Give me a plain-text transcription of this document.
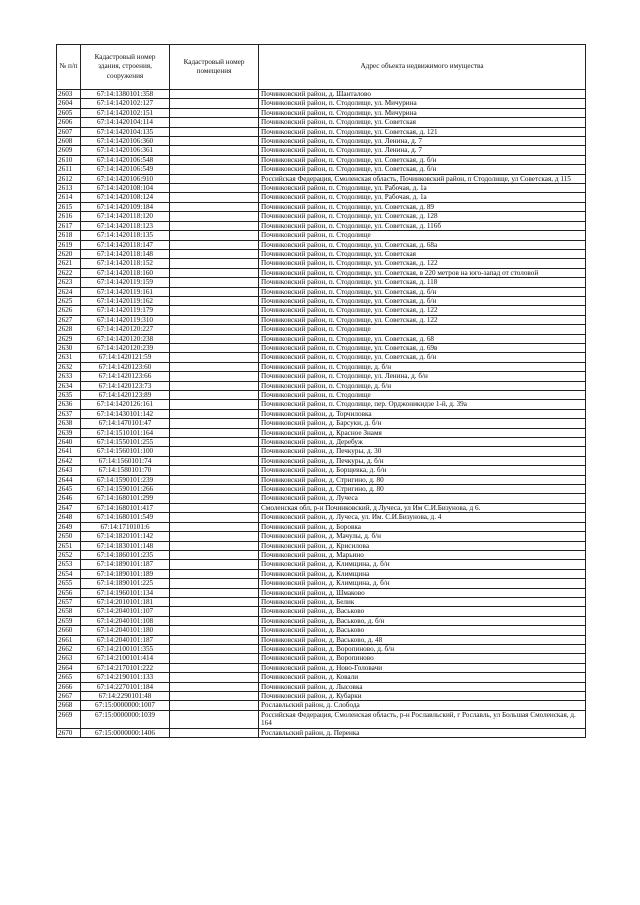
№ п/п	Кадастровый номер здания, строения, сооружения	Кадастровый номер помещения	Адрес объекта недвижимого имущества
2603	67:14:1380101:358		Починковский район, д. Шанталово
2604	67:14:1420102:127		Починковский район, п. Стодолище, ул. Мичурина
2605	67:14:1420102:151		Починковский район, п. Стодолище, ул. Мичурина
2606	67:14:1420104:114		Починковский район, п. Стодолище, ул. Советская
2607	67:14:1420104:135		Починковский район, п. Стодолище, ул. Советская, д. 121
2608	67:14:1420106:360		Починковский район, п. Стодолище, ул. Ленина, д. 7
2609	67:14:1420106:361		Починковский район, п. Стодолище, ул. Ленина, д. 7
2610	67:14:1420106:548		Починковский район, п. Стодолище, ул. Советская, д. б/н
2611	67:14:1420106:549		Починковский район, п. Стодолище, ул. Советская, д. б/н
2612	67:14:1420106:910		Российская Федерация, Смоленская область, Починковский район, п Стодолище, ул Советская, д 115
2613	67:14:1420108:104		Починковский район, п. Стодолище, ул. Рабочая, д. 1а
2614	67:14:1420108:124		Починковский район, п. Стодолище, ул. Рабочая, д. 1а
2615	67:14:1420109:184		Починковский район, п. Стодолище, ул. Советская, д. 89
2616	67:14:1420118:120		Починковский район, п. Стодолище, ул. Советская, д. 128
2617	67:14:1420118:123		Починковский район, п. Стодолище, ул. Советская, д. 116б
2618	67:14:1420118:135		Починковский район, п. Стодолище
2619	67:14:1420118:147		Починковский район, п. Стодолище, ул. Советская, д. 68а
2620	67:14:1420118:148		Починковский район, п. Стодолище, ул. Советская
2621	67:14:1420118:152		Починковский район, п. Стодолище, ул. Советская, д. 122
2622	67:14:1420118:160		Починковский район, п. Стодолище, ул. Советская, в 220 метров на юго-запад от столовой
2623	67:14:1420119:159		Починковский район, п. Стодолище, ул. Советская, д. 118
2624	67:14:1420119:161		Починковский район, п. Стодолище, ул. Советская, д. б/н
2625	67:14:1420119:162		Починковский район, п. Стодолище, ул. Советская, д. б/н
2626	67:14:1420119:179		Починковский район, п. Стодолище, ул. Советская, д. 122
2627	67:14:1420119:310		Починковский район, п. Стодолище, ул. Советская, д. 122
2628	67:14:1420120:227		Починковский район, п. Стодолище
2629	67:14:1420120:238		Починковский район, п. Стодолище, ул. Советская, д. 68
2630	67:14:1420120:239		Починковский район, п. Стодолище, ул. Советская, д. 69в
2631	67:14:1420121:59		Починковский район, п. Стодолище, ул. Советская, д. б/н
2632	67:14:1420123:60		Починковский район, п. Стодолище, д. б/н
2633	67:14:1420123:66		Починковский район, п. Стодолище, ул. Ленина, д. б/н
2634	67:14:1420123:73		Починковский район, п. Стодолище, д. б/н
2635	67:14:1420123:89		Починковский район, п. Стодолище
2636	67:14:1420126:161		Починковский район, п. Стодолище, пер. Орджоникидзе 1-й, д. 39а
2637	67:14:1430101:142		Починковский район, д. Торчиловка
2638	67:14:1470101:47		Починковский район, д. Барсуки, д. б/н
2639	67:14:1510101:164		Починковский район, д. Красное Знамя
2640	67:14:1550101:255		Починковский район, д. Деребуж
2641	67:14:1560101:100		Починковский район, д. Печкуры, д. 30
2642	67:14:1560101:74		Починковский район, д. Печкуры, д. б/н
2643	67:14:1580101:70		Починковский район, д. Борщевка, д. б/н
2644	67:14:1590101:239		Починковский район, д. Стригино, д. 80
2645	67:14:1590101:266		Починковский район, д. Стригино, д. 80
2646	67:14:1680101:299		Починковский район, д. Лучеса
2647	67:14:1680101:417		Смоленская обл, р-н Починковский, д Лучеса, ул Им С.И.Бизунова, д 6.
2648	67:14:1680101:549		Починковский район, д. Лучеса, ул. Им. С.И.Бизунова, д. 4
2649	67:14:1710101:6		Починковский район, д. Боровка
2650	67:14:1820101:142		Починковский район, д. Мачулы, д. б/н
2651	67:14:1830101:148		Починковский район, д. Крисилова
2652	67:14:1860101:235		Починковский район, д. Марьино
2653	67:14:1890101:187		Починковский район, д. Климщина, д. б/н
2654	67:14:1890101:189		Починковский район, д. Климщина
2655	67:14:1890101:225		Починковский район, д. Климщина, д. б/н
2656	67:14:1960101:134		Починковский район, д. Шмаково
2657	67:14:2010101:181		Починковский район, д. Белик
2658	67:14:2040101:107		Починковский район, д. Васьково
2659	67:14:2040101:108		Починковский район, д. Васьково, д. б/н
2660	67:14:2040101:180		Починковский район, д. Васьково
2661	67:14:2040101:187		Починковский район, д. Васьково, д. 48
2662	67:14:2100101:355		Починковский район, д. Воропиново, д. б/н
2663	67:14:2100101:414		Починковский район, д. Воропиново
2664	67:14:2170101:222		Починковский район, д. Ново-Головачи
2665	67:14:2190101:133		Починковский район, д. Ковали
2666	67:14:2270101:184		Починковский район, д. Лысовка
2667	67:14:2290101:48		Починковский район, д. Кубарки
2668	67:15:0000000:1007		Рославльский район, д. Слобода
2669	67:15:0000000:1039		Российская Федерация, Смоленская область, р-н Рославльский, г Рославль, ул Большая Смоленская, д. 164
2670	67:15:0000000:1406		Рославльский район, д. Перенка
